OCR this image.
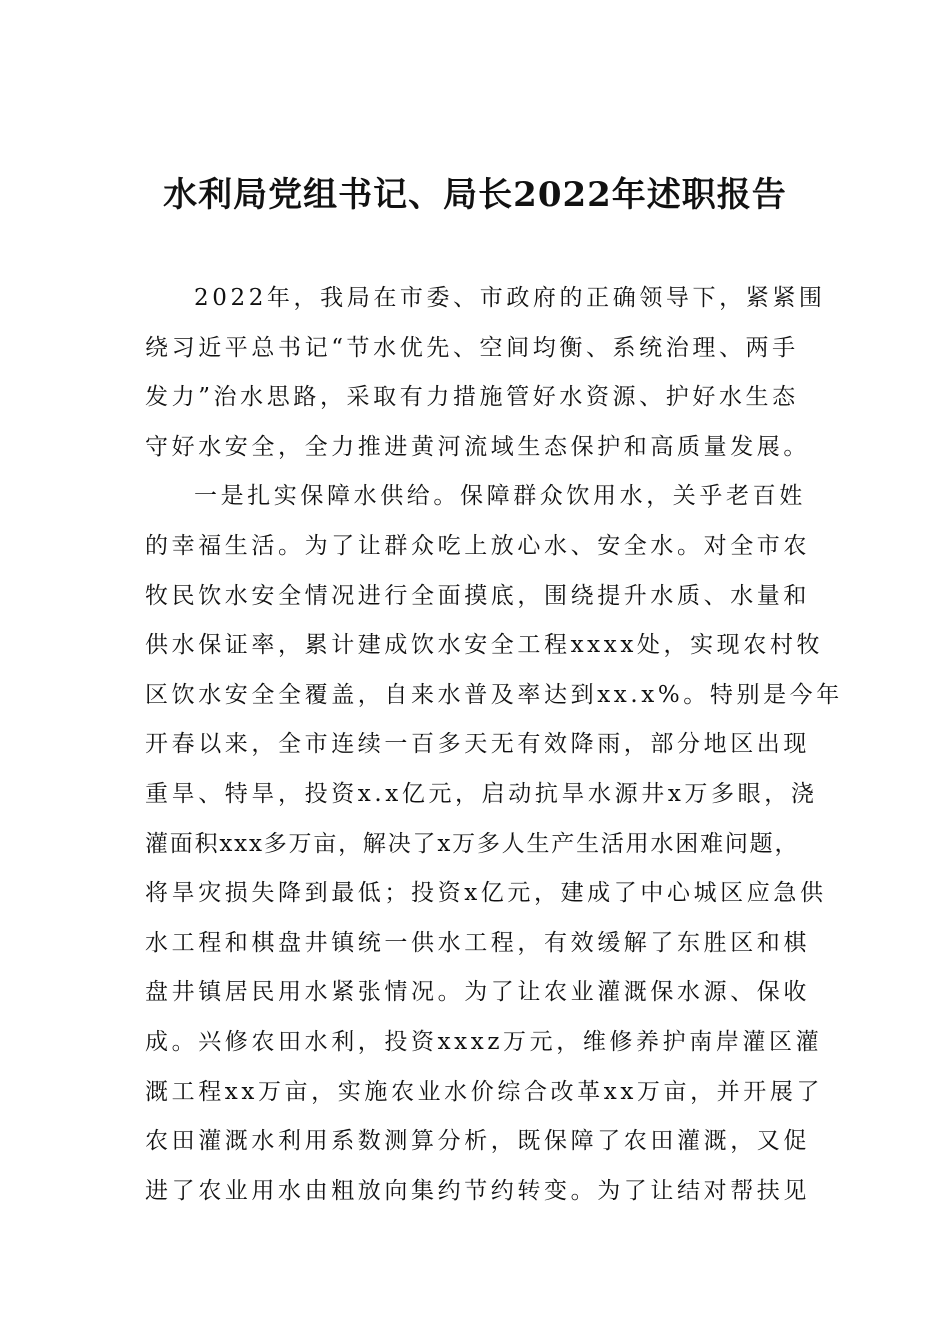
水利局党组书记、局长2022年述职报告
2022年，我局在市委、市政府的正确领导下，紧紧围
绕习近平总书记“节水优先、空间均衡、系统治理、两手
发力”治水思路，采取有力措施管好水资源、护好水生态
守好水安全，全力推进黄河流域生态保护和高质量发展。
一是扎实保障水供给。保障群众饮用水，关乎老百姓
的幸福生活。为了让群众吃上放心水、安全水。对全市农
牧民饮水安全情况进行全面摸底，围绕提升水质、水量和
供水保证率，累计建成饮水安全工程xxxx处，实现农村牧
区饮水安全全覆盖，自来水普及率达到xx.x%。特别是今年
开春以来，全市连续一百多天无有效降雨，部分地区出现
重旱、特旱，投资x.x亿元，启动抗旱水源井x万多眼，浇
灌面积xxx多万亩，解决了x万多人生产生活用水困难问题，
将旱灾损失降到最低；投资x亿元，建成了中心城区应急供
水工程和棋盘井镇统一供水工程，有效缓解了东胜区和棋
盘井镇居民用水紧张情况。为了让农业灌溉保水源、保收
成。兴修农田水利，投资xxxz万元，维修养护南岸灌区灌
溉工程xx万亩，实施农业水价综合改革xx万亩，并开展了
农田灌溉水利用系数测算分析，既保障了农田灌溉，又促
进了农业用水由粗放向集约节约转变。为了让结对帮扶见
